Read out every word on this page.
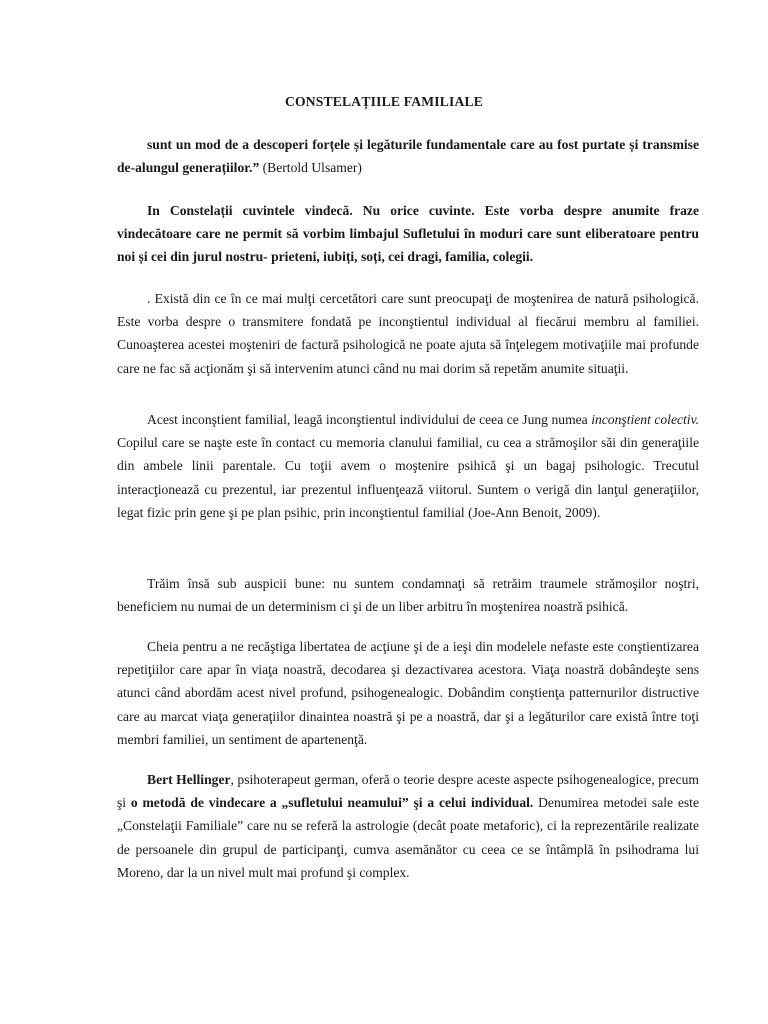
CONSTELAȚIILE FAMILIALE

sunt un mod de a descoperi forțele și legăturile fundamentale care au fost purtate și transmise de-alungul generațiilor.” (Bertold Ulsamer)

In Constelații cuvintele vindecă. Nu orice cuvinte. Este vorba despre anumite fraze vindecătoare care ne permit să vorbim limbajul Sufletului în moduri care sunt eliberatoare pentru noi și cei din jurul nostru- prieteni, iubiți, soți, cei dragi, familia, colegii.

. Există din ce în ce mai mulţi cercetători care sunt preocupaţi de moştenirea de natură psihologică. Este vorba despre o transmitere fondată pe inconştientul individual al fiecărui membru al familiei. Cunoaşterea acestei moşteniri de factură psihologică ne poate ajuta să înţelegem motivaţiile mai profunde care ne fac să acţionăm şi să intervenim atunci când nu mai dorim să repetăm anumite situaţii.

Acest inconştient familial, leagă inconştientul individului de ceea ce Jung numea inconştient colectiv. Copilul care se naşte este în contact cu memoria clanului familial, cu cea a strămoşilor săi din generaţiile din ambele linii parentale. Cu toţii avem o moştenire psihică şi un bagaj psihologic. Trecutul interacţionează cu prezentul, iar prezentul influenţează viitorul. Suntem o verigă din lanţul generaţiilor, legat fizic prin gene şi pe plan psihic, prin inconştientul familial (Joe-Ann Benoit, 2009).

Trăim însă sub auspicii bune: nu suntem condamnaţi să retrăim traumele strămoşilor noştri, beneficiem nu numai de un determinism ci şi de un liber arbitru în moştenirea noastră psihică.

Cheia pentru a ne recăştiga libertatea de acţiune şi de a ieşi din modelele nefaste este conştientizarea repetiţiilor care apar în viaţa noastră, decodarea şi dezactivarea acestora. Viaţa noastră dobândeşte sens atunci când abordăm acest nivel profund, psihogenealogic. Dobândim conştienţa patternurilor distructive care au marcat viaţa generaţiilor dinaintea noastră şi pe a noastră, dar şi a legăturilor care există între toţi membri familiei, un sentiment de apartenenţă.

Bert Hellinger, psihoterapeut german, oferă o teorie despre aceste aspecte psihogenealogice, precum şi o metodă de vindecare a „sufletului neamului” şi a celui individual. Denumirea metodei sale este „Constelaţii Familiale” care nu se referă la astrologie (decât poate metaforic), ci la reprezentările realizate de persoanele din grupul de participanţi, cumva asemănător cu ceea ce se întâmplă în psihodrama lui Moreno, dar la un nivel mult mai profund şi complex.
